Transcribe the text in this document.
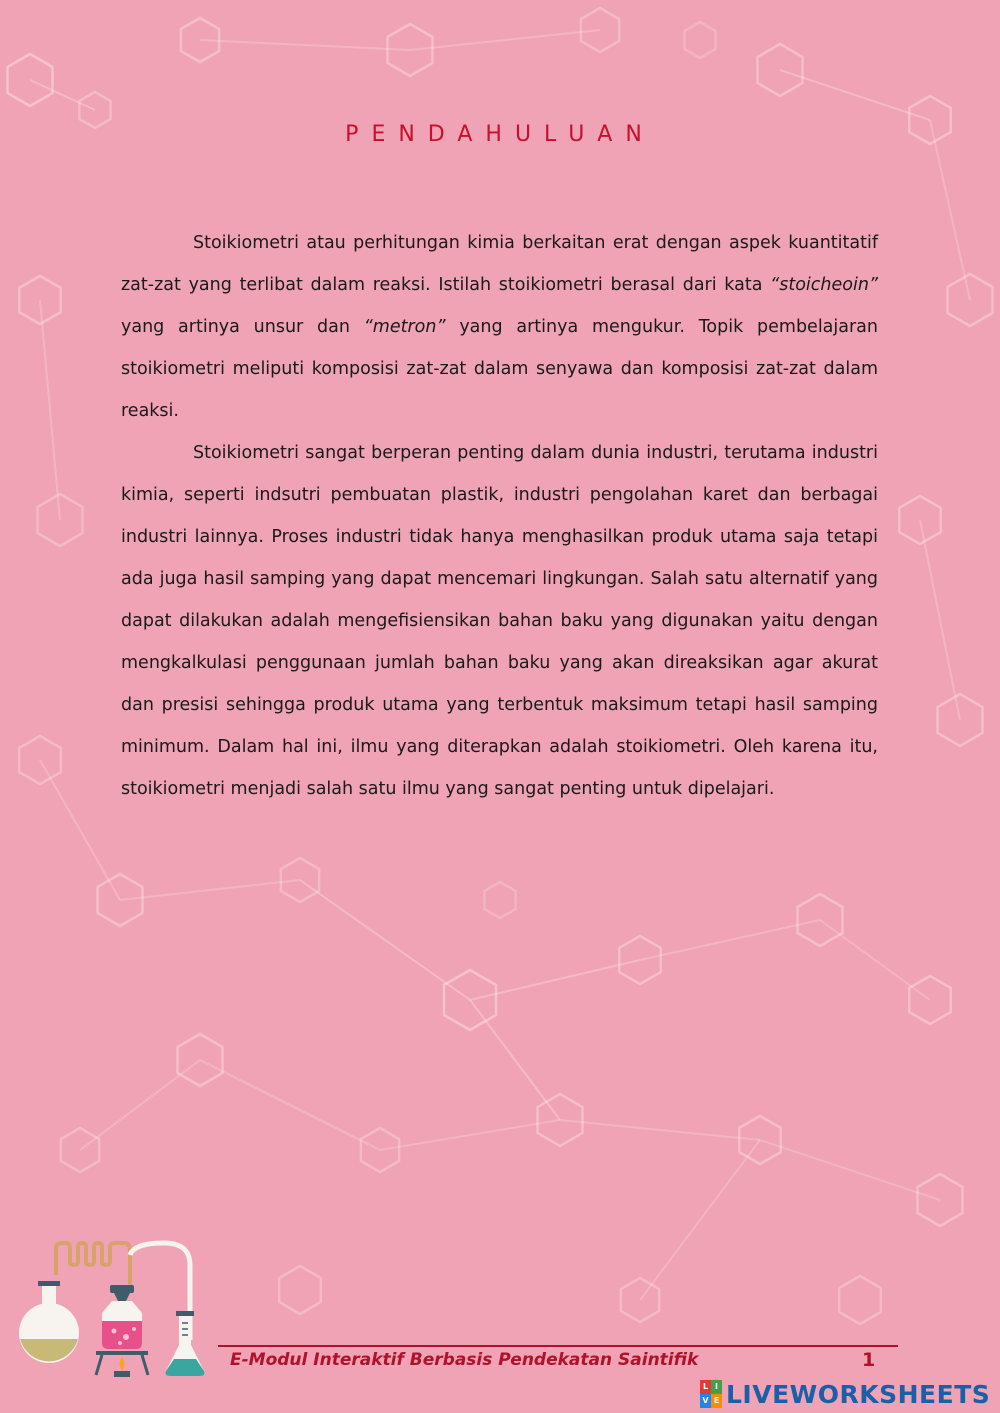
PENDAHULUAN

Stoikiometri atau perhitungan kimia berkaitan erat dengan aspek kuantitatif zat-zat yang terlibat dalam reaksi. Istilah stoikiometri berasal dari kata “stoicheoin” yang artinya unsur dan “metron” yang artinya mengukur. Topik pembelajaran stoikiometri meliputi komposisi zat-zat dalam senyawa dan komposisi zat-zat dalam reaksi.

Stoikiometri sangat berperan penting dalam dunia industri, terutama industri kimia, seperti indsutri pembuatan plastik, industri pengolahan karet dan berbagai industri lainnya. Proses industri tidak hanya menghasilkan produk utama saja tetapi ada juga hasil samping yang dapat mencemari lingkungan. Salah satu alternatif yang dapat dilakukan adalah mengefisiensikan bahan baku yang digunakan yaitu dengan mengkalkulasi penggunaan jumlah bahan baku yang akan direaksikan agar akurat dan presisi sehingga produk utama yang terbentuk maksimum tetapi hasil samping minimum. Dalam hal ini, ilmu yang diterapkan adalah stoikiometri. Oleh karena itu, stoikiometri menjadi salah satu ilmu yang sangat penting untuk dipelajari.

E-Modul Interaktif Berbasis Pendekatan Saintifik	1
L I
V E LIVEWORKSHEETS
